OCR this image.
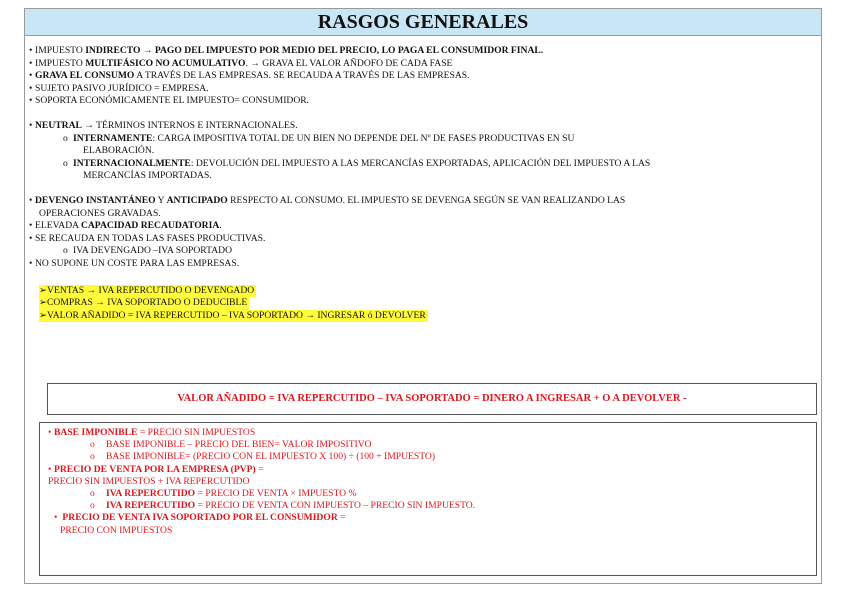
RASGOS GENERALES
• IMPUESTO INDIRECTO → PAGO DEL IMPUESTO POR MEDIO DEL PRECIO, LO PAGA EL CONSUMIDOR FINAL.
• IMPUESTO MULTIFÁSICO NO ACUMULATIVO. → GRAVA EL VALOR AÑDOFO DE CADA FASE
• GRAVA EL CONSUMO A TRAVÉS DE LAS EMPRESAS. SE RECAUDA A TRAVÉS DE LAS EMPRESAS.
• SUJETO PASIVO JURÍDICO = EMPRESA.
• SOPORTA ECONÓMICAMENTE EL IMPUESTO= CONSUMIDOR.
• NEUTRAL → TÉRMINOS INTERNOS E INTERNACIONALES.
o INTERNAMENTE: CARGA IMPOSITIVA TOTAL DE UN BIEN NO DEPENDE DEL Nº DE FASES PRODUCTIVAS EN SU
ELABORACIÓN.
o INTERNACIONALMENTE: DEVOLUCIÓN DEL IMPUESTO A LAS MERCANCÍAS EXPORTADAS, APLICACIÓN DEL IMPUESTO A LAS
MERCANCÍAS IMPORTADAS.
• DEVENGO INSTANTÁNEO Y ANTICIPADO RESPECTO AL CONSUMO. EL IMPUESTO SE DEVENGA SEGÚN SE VAN REALIZANDO LAS
OPERACIONES GRAVADAS.
• ELEVADA CAPACIDAD RECAUDATORIA.
• SE RECAUDA EN TODAS LAS FASES PRODUCTIVAS.
o IVA DEVENGADO –IVA SOPORTADO
• NO SUPONE UN COSTE PARA LAS EMPRESAS.
➢VENTAS → IVA REPERCUTIDO O DEVENGADO
➢COMPRAS → IVA SOPORTADO O DEDUCIBLE
➢VALOR AÑADIDO = IVA REPERCUTIDO – IVA SOPORTADO → INGRESAR ó DEVOLVER
VALOR AÑADIDO = IVA REPERCUTIDO – IVA SOPORTADO = DINERO A INGRESAR + O A DEVOLVER -
• BASE IMPONIBLE = PRECIO SIN IMPUESTOS
o BASE IMPONIBLE – PRECIO DEL BIEN= VALOR IMPOSITIVO
o BASE IMPONIBLE= (PRECIO CON EL IMPUESTO X 100) ÷ (100 + IMPUESTO)
• PRECIO DE VENTA POR LA EMPRESA (PVP) =
PRECIO SIN IMPUESTOS + IVA REPERCUTIDO
o IVA REPERCUTIDO = PRECIO DE VENTA × IMPUESTO %
o IVA REPERCUTIDO = PRECIO DE VENTA CON IMPUESTO – PRECIO SIN IMPUESTO.
• PRECIO DE VENTA IVA SOPORTADO POR EL CONSUMIDOR =
PRECIO CON IMPUESTOS
